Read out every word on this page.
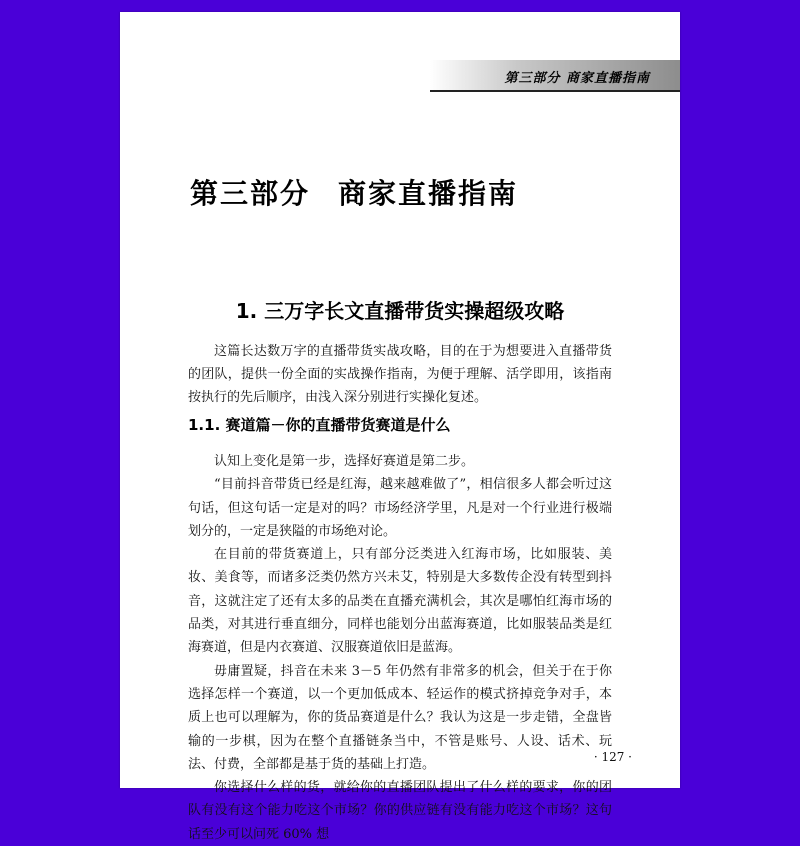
第三部分 商家直播指南
第三部分 商家直播指南
1. 三万字长文直播带货实操超级攻略

这篇长达数万字的直播带货实战攻略，目的在于为想要进入直播带货的团队，提供一份全面的实战操作指南，为便于理解、活学即用，该指南按执行的先后顺序，由浅入深分别进行实操化复述。

1.1. 赛道篇－你的直播带货赛道是什么

认知上变化是第一步，选择好赛道是第二步。

“目前抖音带货已经是红海，越来越难做了”，相信很多人都会听过这句话，但这句话一定是对的吗？市场经济学里，凡是对一个行业进行极端划分的，一定是狭隘的市场绝对论。

在目前的带货赛道上，只有部分泛类进入红海市场，比如服装、美妆、美食等，而诸多泛类仍然方兴未艾，特别是大多数传企没有转型到抖音，这就注定了还有太多的品类在直播充满机会，其次是哪怕红海市场的品类，对其进行垂直细分，同样也能划分出蓝海赛道，比如服装品类是红海赛道，但是内衣赛道、汉服赛道依旧是蓝海。

毋庸置疑，抖音在未来 3－5 年仍然有非常多的机会，但关于在于你选择怎样一个赛道，以一个更加低成本、轻运作的模式挤掉竞争对手，本质上也可以理解为，你的货品赛道是什么？我认为这是一步走错，全盘皆输的一步棋，因为在整个直播链条当中，不管是账号、人设、话术、玩法、付费，全部都是基于货的基础上打造。

你选择什么样的货，就给你的直播团队提出了什么样的要求，你的团队有没有这个能力吃这个市场？你的供应链有没有能力吃这个市场？这句话至少可以问死 60% 想

· 127 ·
